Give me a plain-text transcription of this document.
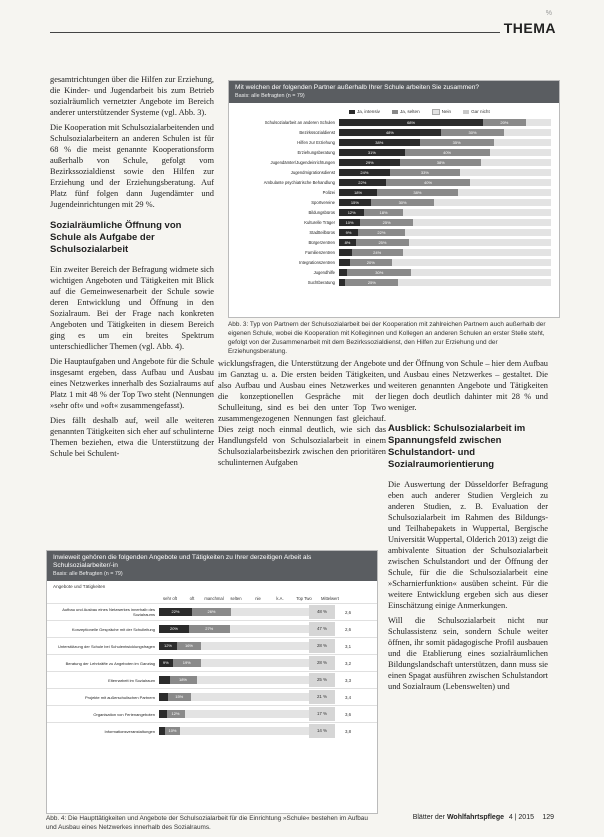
%
THEMA

gesamtrichtungen über die Hilfen zur Erziehung, die Kinder- und Jugendarbeit bis zum Betrieb sozialräumlich vernetzter Angebote im Bereich anderer unterstützender Systeme (vgl. Abb. 3).

Die Kooperation mit Schulsozialarbeitenden und Schulsozialarbeitern an anderen Schulen ist für 68 % die meist genannte Kooperationsform außerhalb von Schule, gefolgt vom Bezirkssozialdienst sowie den Hilfen zur Erziehung und der Erziehungsberatung. Auf Platz fünf folgen dann Jugendämter und Jugendeinrichtungen mit 29 %.

Sozialräumliche Öffnung von Schule als Aufgabe der Schulsozialarbeit

Ein zweiter Bereich der Befragung widmete sich wichtigen Angeboten und Tätigkeiten mit Blick auf die Gemeinwesenarbeit der Schule sowie deren Entwicklung und Öffnung in den Sozialraum. Bei der Frage nach konkreten Angeboten und Tätigkeiten in diesem Bereich ging es um ein breites Spektrum unterschiedlicher Themen (vgl. Abb. 4).

Die Hauptaufgaben und Angebote für die Schule insgesamt ergeben, dass Aufbau und Ausbau eines Netzwerkes innerhalb des Sozialraums auf Platz 1 mit 48 % der Top Two steht (Nennungen »sehr oft« und »oft« zusammengefasst).

Dies fällt deshalb auf, weil alle weiteren genannten Tätigkeiten sich eher auf schulinterne Themen beziehen, etwa die Unterstützung der Schule bei Schulent-

Mit welchen der folgenden Partner außerhalb Ihrer Schule arbeiten Sie zusammen?
Basis: alle Befragten (n = 79)
Ja, intensiv	Ja, selten	Nein	Gar nicht
Schulsozialarbeit an anderen Schulen	68%	20%
Bezirkssozialdienst	48%	30%
Hilfen zur Erziehung	38%	35%
Erziehungsberatung	31%	40%
Jugendämter/Jugendeinrichtungen	29%	38%
Jugendmigrationsdienst	24%	33%
Ambulante psychiatrische Behandlung	22%	40%
Polizei	18%	38%
Sportvereine	15%	30%
Bildungsbüros	12%	18%
Kulturelle Träger	10%	25%
Stadtteilbüros	9%	22%
Bürgerzentren	8%	25%
Familienzentren	24%
Integrationszentren	20%
Jugendhilfe	30%
Suchtberatung	25%
Abb. 3: Typ von Partnern der Schulsozialarbeit bei der Kooperation mit zahlreichen Partnern auch außerhalb der eigenen Schule, wobei die Kooperation mit Kolleginnen und Kollegen an anderen Schulen an erster Stelle steht, gefolgt von der Zusammenarbeit mit dem Bezirkssozialdienst, den Hilfen zur Erziehung und der Erziehungsberatung.

wicklungsfragen, die Unterstützung der Angebote im Ganztag u. a. Die ersten beiden Tätigkeiten, also Aufbau und Ausbau eines Netzwerkes und die konzeptionellen Gespräche mit der Schulleitung, sind es bei den unter Top Two zusammengezogenen Nennungen fast gleichauf. Dies zeigt noch einmal deutlich, wie sich das Handlungsfeld von Schulsozialarbeit in einem Schulsozialarbeitsbezirk zwischen den prioritären schulinternen Aufgaben

und der Öffnung von Schule – hier dem Aufbau und Ausbau eines Netzwerkes – gestaltet. Die weiteren genannten Angebote und Tätigkeiten liegen doch deutlich dahinter mit 28 % und weniger.

Ausblick: Schulsozialarbeit im Spannungsfeld zwischen Schulstandort- und Sozialraumorientierung

Die Auswertung der Düsseldorfer Befragung eben auch anderer Studien Vergleich zu anderen Studien, z. B. Evaluation der Schulsozialarbeit im Rahmen des Bildungs- und Teilhabepakets in Wuppertal, Bergische Universität Wuppertal, Olderich 2013) zeigt die ambivalente Situation der Schulsozialarbeit zwischen Schulstandort und der Öffnung der Schule, für die die Schulsozialarbeit eine »Scharnierfunktion« ausüben scheint. Für die weitere Entwicklung ergeben sich aus dieser Einschätzung einige Anmerkungen.

Will die Schulsozialarbeit nicht nur Schulassistenz sein, sondern Schule weiter öffnen, ihr somit pädagogische Profil ausbauen und die Etablierung eines sozialräumlichen Bildungslandschaft unterstützen, dann muss sie einen Spagat ausführen zwischen Schulstandort und Sozialraum (Lebenswelten) und

Inwieweit gehören die folgenden Angebote und Tätigkeiten zu Ihrer derzeitigen Arbeit als Schulsozialarbeiter/-in
Basis: alle Befragten (n = 79)
Angebote und Tätigkeiten
sehr oft	oft	manchmal	selten	nie	k.A.	Top Two	Mittelwert
Aufbau und Ausbau eines Netzwerkes innerhalb des Sozialraums
22%	26%	48 %	2,6
Konzeptionelle Gespräche mit der Schulleitung	20%	27%	47 %	2,6
Unterstützung der Schule bei Schulentwicklungsfragen	12%	16%	28 %	3,1
Beratung der Lehrkräfte zu Angeboten im Ganztag	9%	19%	28 %	3,2
Elternarbeit im Sozialraum	18%	25 %	3,3
Projekte mit außerschulischen Partnern	15%	21 %	3,4
Organisation von Ferienangeboten	12%	17 %	3,6
Informationsveranstaltungen	10%	14 %	3,8
Abb. 4: Die Haupttätigkeiten und Angebote der Schulsozialarbeit für die Einrichtung »Schule« bestehen im Aufbau und Ausbau eines Netzwerkes innerhalb des Sozialraums.
Blätter der Wohlfahrtspflege 4 | 2015 129
